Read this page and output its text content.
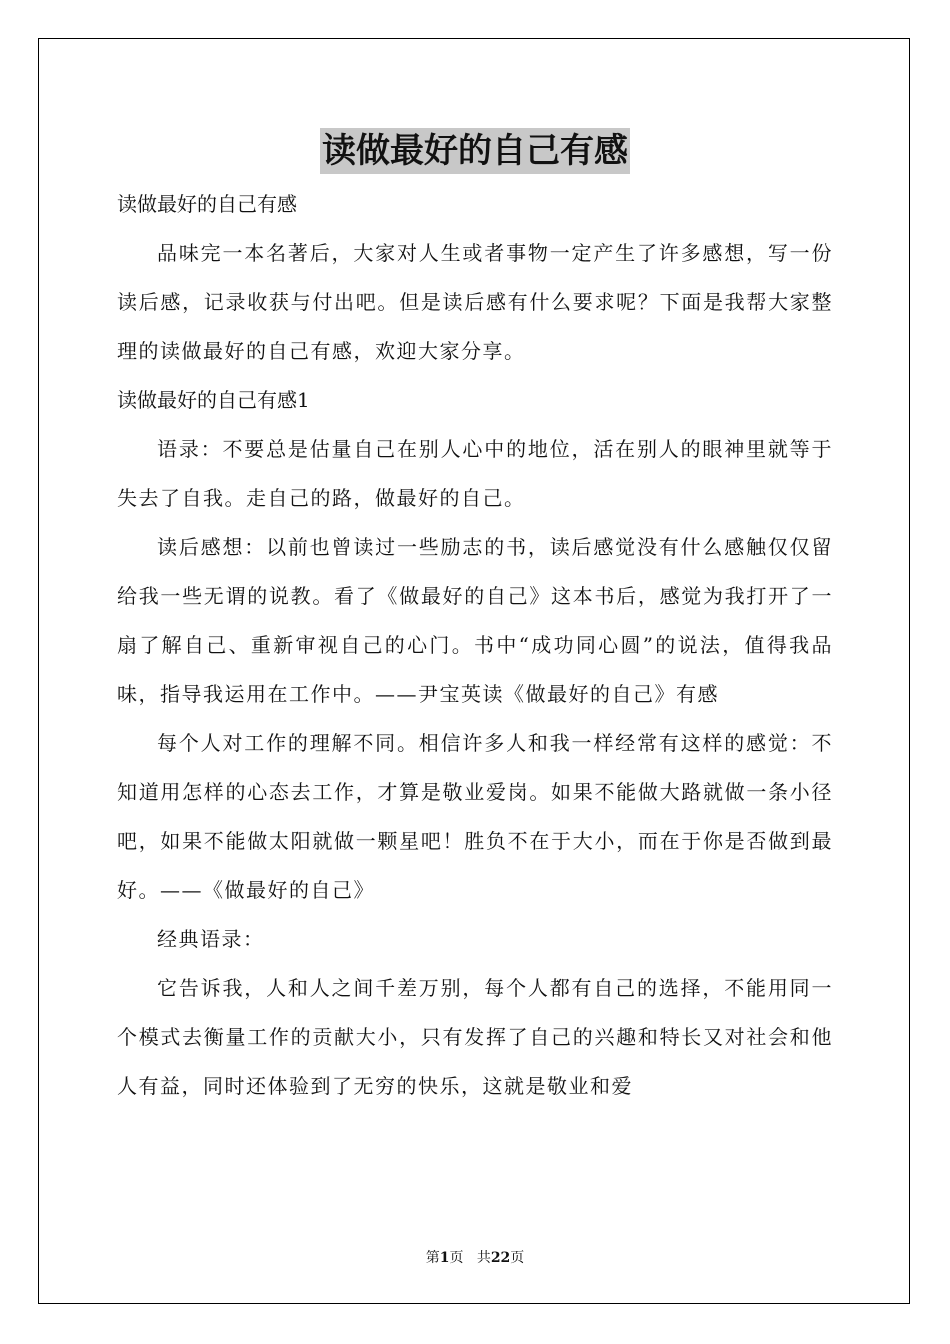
读做最好的自己有感

读做最好的自己有感

品味完一本名著后，大家对人生或者事物一定产生了许多感想，写一份读后感，记录收获与付出吧。但是读后感有什么要求呢？下面是我帮大家整理的读做最好的自己有感，欢迎大家分享。

读做最好的自己有感1

语录：不要总是估量自己在别人心中的地位，活在别人的眼神里就等于失去了自我。走自己的路，做最好的自己。

读后感想：以前也曾读过一些励志的书，读后感觉没有什么感触仅仅留给我一些无谓的说教。看了《做最好的自己》这本书后，感觉为我打开了一扇了解自己、重新审视自己的心门。书中“成功同心圆”的说法，值得我品味，指导我运用在工作中。——尹宝英读《做最好的自己》有感

每个人对工作的理解不同。相信许多人和我一样经常有这样的感觉：不知道用怎样的心态去工作，才算是敬业爱岗。如果不能做大路就做一条小径吧，如果不能做太阳就做一颗星吧！胜负不在于大小，而在于你是否做到最好。——《做最好的自己》

经典语录：

它告诉我，人和人之间千差万别，每个人都有自己的选择，不能用同一个模式去衡量工作的贡献大小，只有发挥了自己的兴趣和特长又对社会和他人有益，同时还体验到了无穷的快乐，这就是敬业和爱

第1页 共22页
